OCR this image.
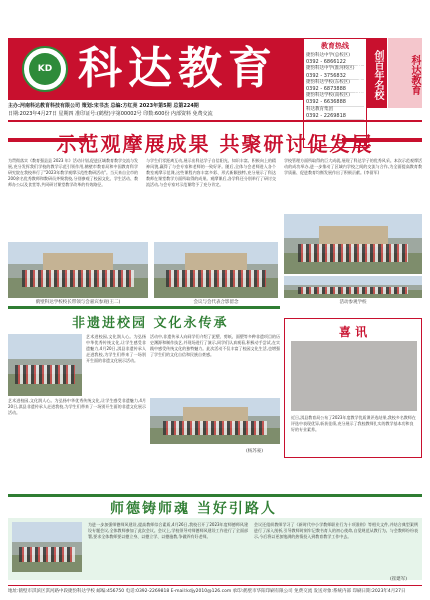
KD 科达教育	教育热线
捷豹科达中学(总校区)
0392 - 6866122
捷豹科达中学(淮河校区)
0392 - 3756832
捷豹科达学校(东校区)
0392 - 6873888
捷豹科达学校(南校区)
0392 - 6636888
科达教育集团
0392 - 2269818
创百年名校
树人才基业	科达教育
主办:河南科达教育科技有限公司 策划:宋书杰 总编:方红亮 2023年第5期 总第224期
日期:2023年4月27日 星期四 准印证号:(鹤壁)字第00002号 印数:600份 内部资料 免费交流
示范观摩展成果 共聚研讨促发展
为贯彻落实《教育强县县 2023 年》活动计划,促进区域教育教学交流与发展,充分发挥我们学校的教学示范引领作用,鹤壁市教育局和中国教育科学研究院在我校举行了"2023年教学观摩示范性教研活动"。当天来自全市的200余名优秀教师和教研员齐聚我校,分别参观了校园文化、学生活动、教师办公以及食堂等,共同研讨课堂教学改革的有效路径。
与学生们零距离互动,展示出科达学子自信阳光、知识丰富、积极向上的精神风貌,赢得了与会专家和老师的一致好评。随后,全体与会老师进入各个教室观摩示范课,这些课程内容丰富多彩、形式新颖独特,充分展示了科达教师在课堂教学方面所取得的成果。观摩课后,各学科还分别举行了研讨交流活动,与会专家对示范课给予了充分肯定。
学校管理方面所取得的巨大成就,展现了科达学子的优秀风采。本次示范观摩活动的成功举办,进一步推动了区域内学校之间的交流与合作,为全面提高教育教学质量、促进教育均衡发展作出了积极贡献。(李留军)
鹤壁科达学校校长带领与会嘉宾参观(王二)	会议与会代表合影留念	活动参观学校
非遗进校园 文化永传承
艺术进校园,文化润人心。为弘扬中华优秀传统文化,让学生感受非遗魅力,4月20日,淇县非遗传承人走进我校,为学生们带来了一场别开生面的非遗文化展示活动。
活动中,非遗传承人向同学们介绍了泥塑、剪纸、面塑等多种非遗项目的历史渊源和制作技艺,并现场进行了演示,同学们认真观看,积极动手尝试,在实践中感受传统文化的独特魅力。此次活动不仅丰富了校园文化生活,也增强了学生们的文化自信和民族自豪感。
艺术进校园,文化润人心。为弘扬中华优秀传统文化,让学生感受非遗魅力,4月20日,淇县非遗传承人走进我校,为学生们带来了一场别开生面的非遗文化展示活动。
(杨苏豪)
喜 讯
近日,淇县教育局公布了2023年度教学优质课评选结果,我校多名教师在评选中表现优异,斩获佳绩,充分展示了我校教师扎实的教学基本功和良好的专业素养。
师德铸师魂 当好引路人
为进一步加强师德师风建设,提高教师综合素质,4月26日,我校召开了2023年度师德师风建设专题会议,全体教师参加了此次会议。会议上,学校领导对师德师风建设工作进行了全面部署,要求全体教师要以德立身、以德立学、以德施教,争做四有好老师。
会议还组织教师学习了《新时代中小学教师职业行为十项准则》等相关文件,并结合典型案例进行了深入剖析,引导教师时刻牢记教书育人的初心使命,自觉规范从教行为。与会教师纷纷表示,今后将以更加饱满的热情投入到教育教学工作中去。
(崔建军)
地址:鹤壁市淇滨区淇河路中段捷豹科达学校 邮编:456750 电话:0392-2269818 E-mail:kdjy2010@126.com 承印:鹤壁市华阳印刷有限公司 免费交流 发送对象:系统内部 印刷日期:2023年4月27日
